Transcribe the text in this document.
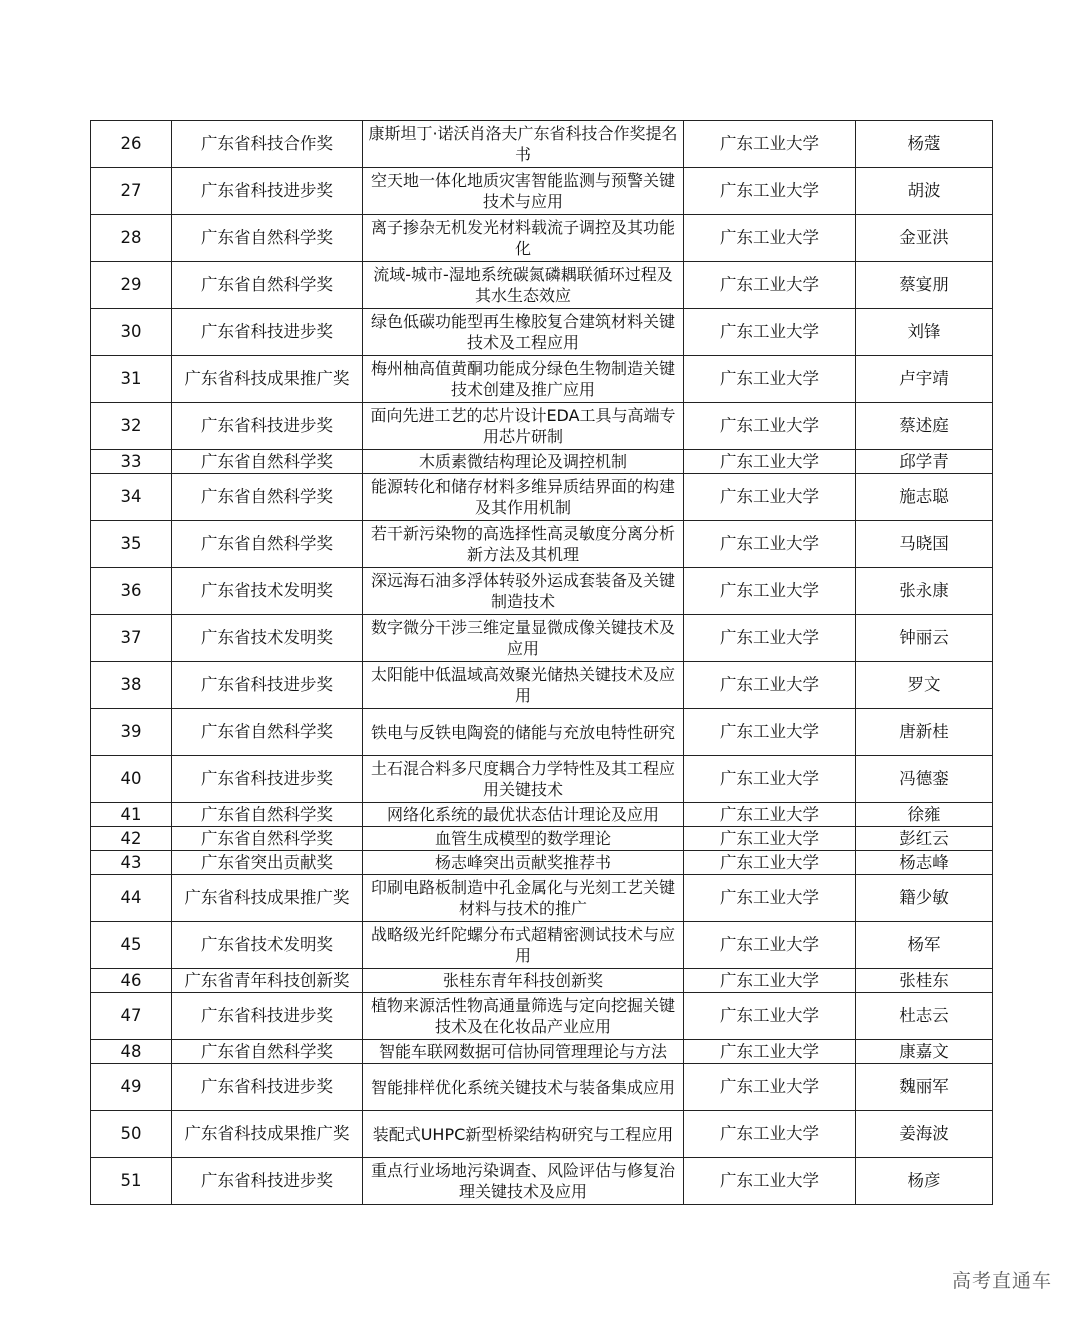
26	广东省科技合作奖	康斯坦丁·诺沃肖洛夫广东省科技合作奖提名书	广东工业大学	杨蔻
27	广东省科技进步奖	空天地一体化地质灾害智能监测与预警关键技术与应用	广东工业大学	胡波
28	广东省自然科学奖	离子掺杂无机发光材料载流子调控及其功能化	广东工业大学	金亚洪
29	广东省自然科学奖	流域-城市-湿地系统碳氮磷耦联循环过程及其水生态效应	广东工业大学	蔡宴朋
30	广东省科技进步奖	绿色低碳功能型再生橡胶复合建筑材料关键技术及工程应用	广东工业大学	刘锋
31	广东省科技成果推广奖	梅州柚高值黄酮功能成分绿色生物制造关键技术创建及推广应用	广东工业大学	卢宇靖
32	广东省科技进步奖	面向先进工艺的芯片设计EDA工具与高端专用芯片研制	广东工业大学	蔡述庭
33	广东省自然科学奖	木质素微结构理论及调控机制	广东工业大学	邱学青
34	广东省自然科学奖	能源转化和储存材料多维异质结界面的构建及其作用机制	广东工业大学	施志聪
35	广东省自然科学奖	若干新污染物的高选择性高灵敏度分离分析新方法及其机理	广东工业大学	马晓国
36	广东省技术发明奖	深远海石油多浮体转驳外运成套装备及关键制造技术	广东工业大学	张永康
37	广东省技术发明奖	数字微分干涉三维定量显微成像关键技术及应用	广东工业大学	钟丽云
38	广东省科技进步奖	太阳能中低温域高效聚光储热关键技术及应用	广东工业大学	罗文
39	广东省自然科学奖	铁电与反铁电陶瓷的储能与充放电特性研究	广东工业大学	唐新桂
40	广东省科技进步奖	土石混合料多尺度耦合力学特性及其工程应用关键技术	广东工业大学	冯德銮
41	广东省自然科学奖	网络化系统的最优状态估计理论及应用	广东工业大学	徐雍
42	广东省自然科学奖	血管生成模型的数学理论	广东工业大学	彭红云
43	广东省突出贡献奖	杨志峰突出贡献奖推荐书	广东工业大学	杨志峰
44	广东省科技成果推广奖	印刷电路板制造中孔金属化与光刻工艺关键材料与技术的推广	广东工业大学	籍少敏
45	广东省技术发明奖	战略级光纤陀螺分布式超精密测试技术与应用	广东工业大学	杨军
46	广东省青年科技创新奖	张桂东青年科技创新奖	广东工业大学	张桂东
47	广东省科技进步奖	植物来源活性物高通量筛选与定向挖掘关键技术及在化妆品产业应用	广东工业大学	杜志云
48	广东省自然科学奖	智能车联网数据可信协同管理理论与方法	广东工业大学	康嘉文
49	广东省科技进步奖	智能排样优化系统关键技术与装备集成应用	广东工业大学	魏丽军
50	广东省科技成果推广奖	装配式UHPC新型桥梁结构研究与工程应用	广东工业大学	姜海波
51	广东省科技进步奖	重点行业场地污染调查、风险评估与修复治理关键技术及应用	广东工业大学	杨彦
高考直通车
